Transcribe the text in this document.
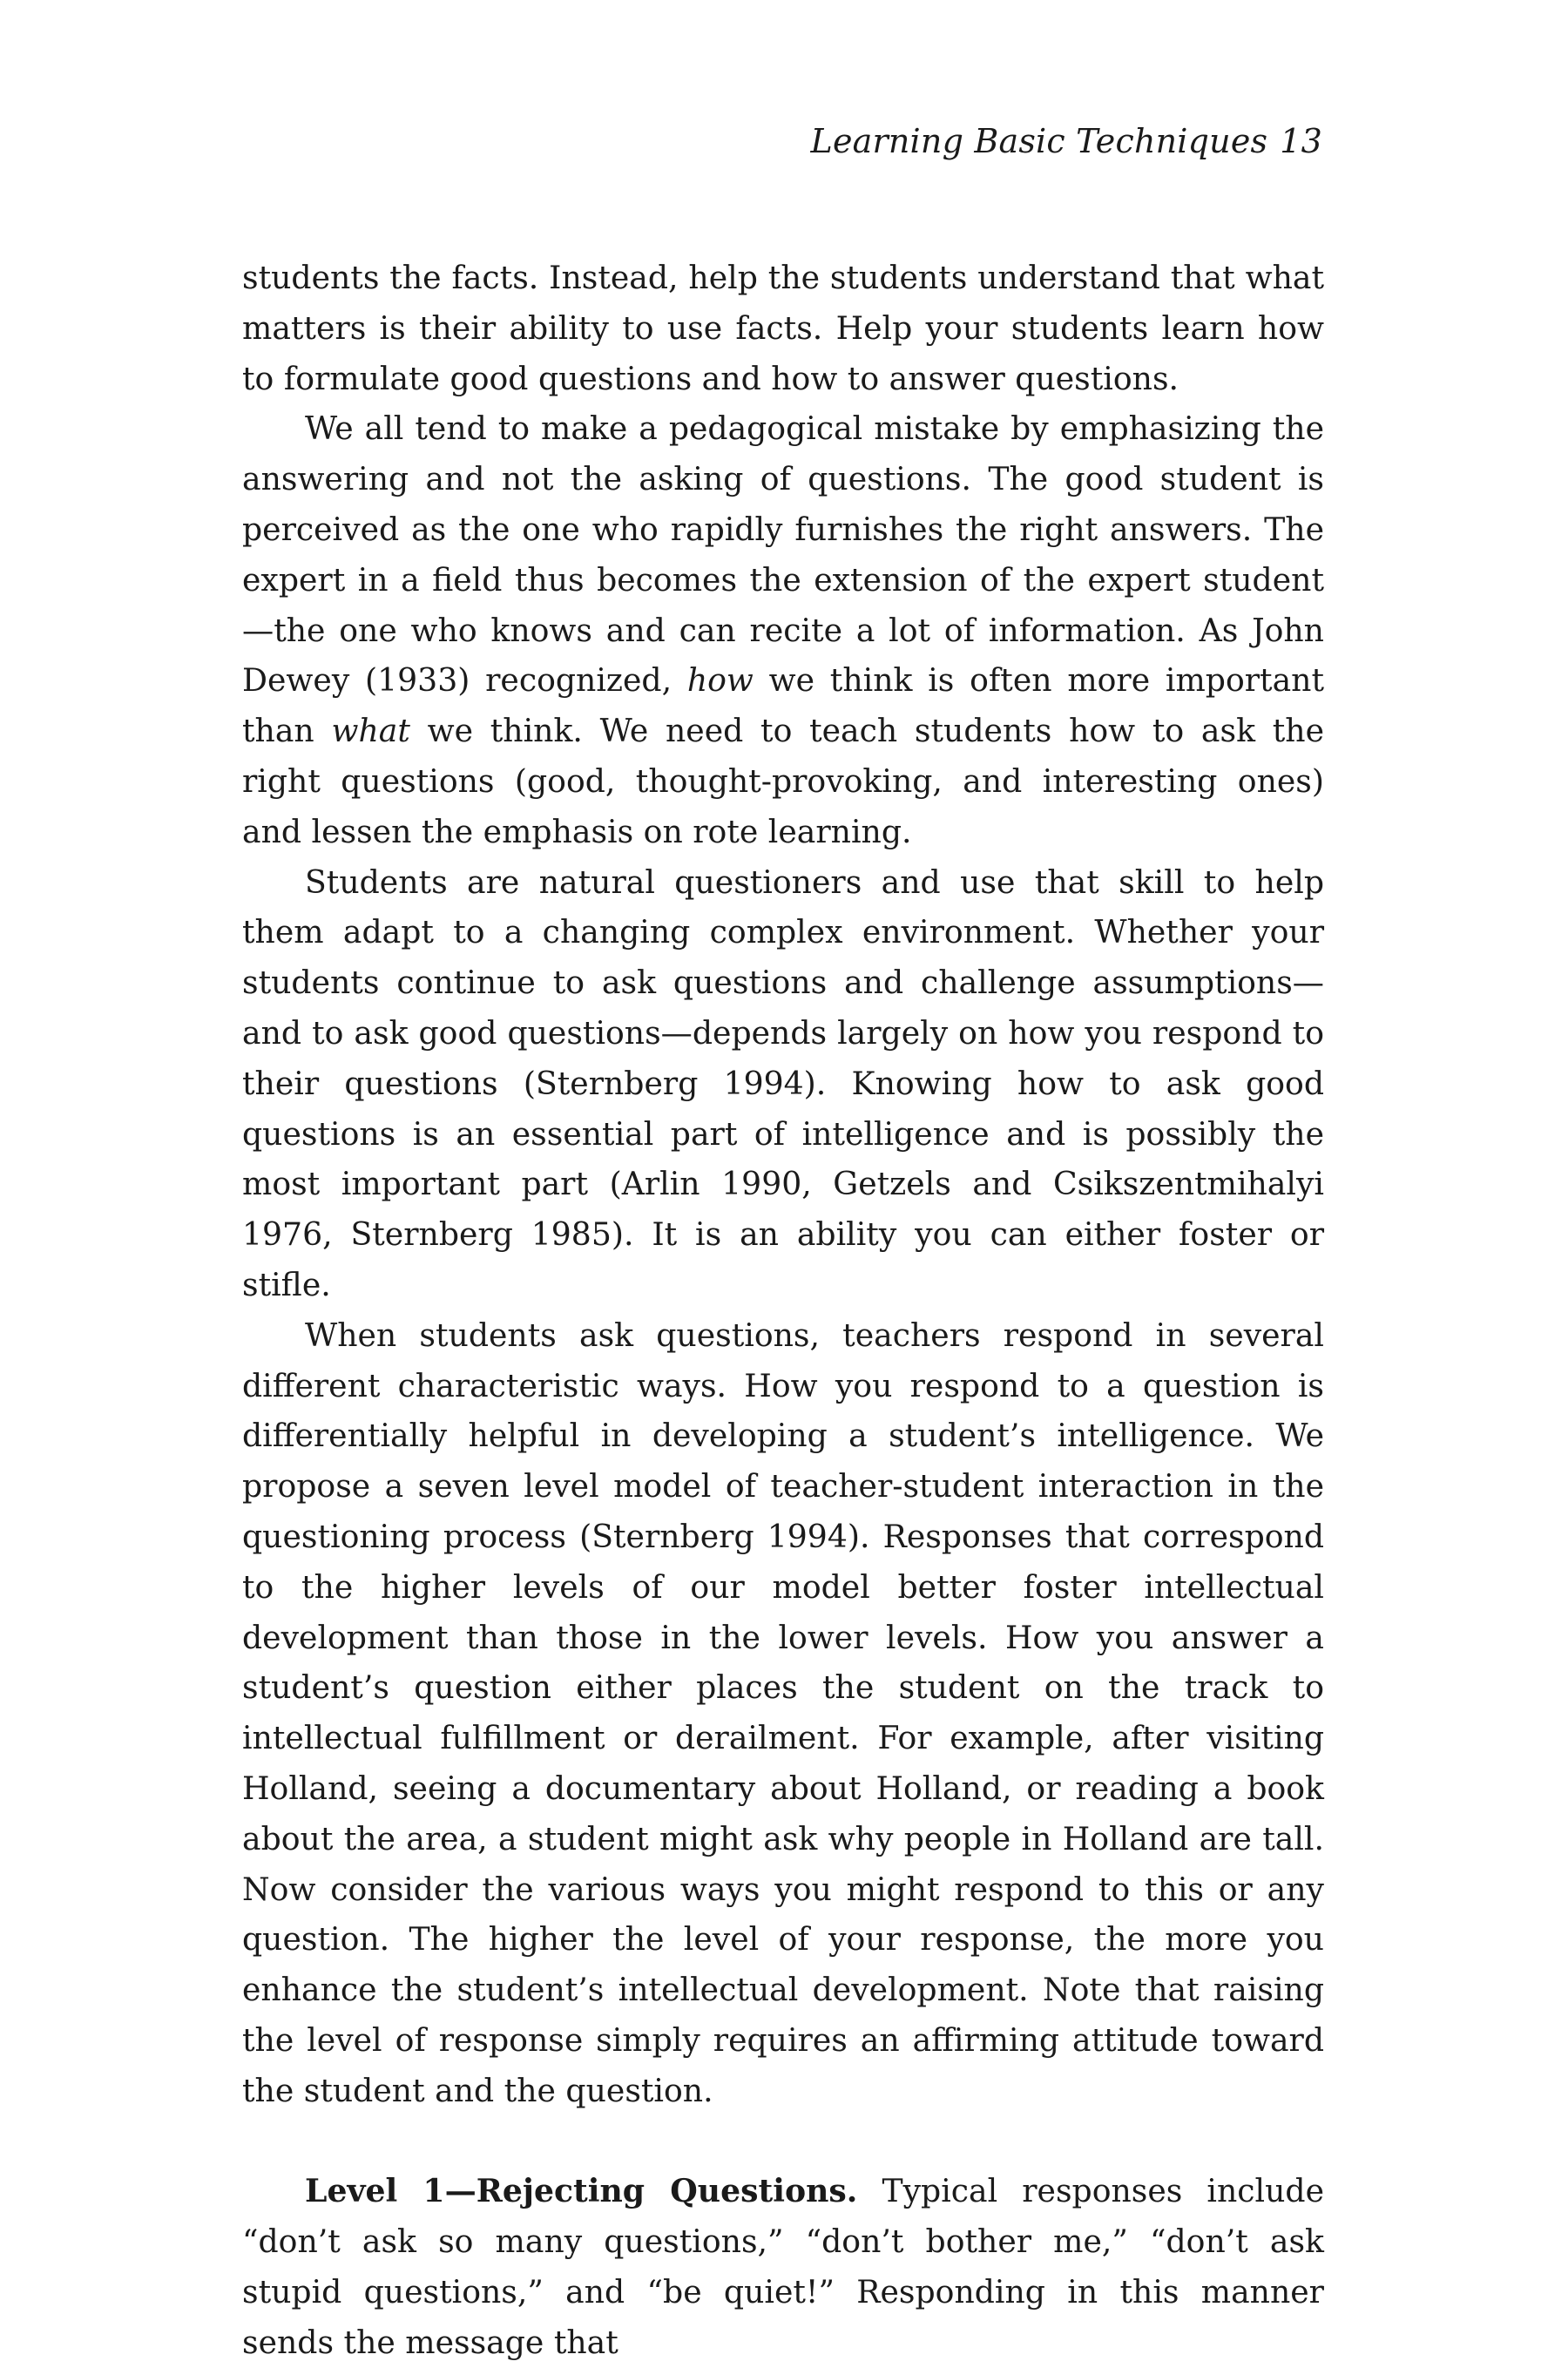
Learning Basic Techniques 13

students the facts. Instead, help the students understand that what matters is their ability to use facts. Help your students learn how to formulate good questions and how to answer questions.

We all tend to make a pedagogical mistake by emphasizing the answering and not the asking of questions. The good student is perceived as the one who rapidly furnishes the right answers. The expert in a field thus becomes the extension of the expert student—the one who knows and can recite a lot of information. As John Dewey (1933) recognized, how we think is often more important than what we think. We need to teach students how to ask the right questions (good, thought-provoking, and interesting ones) and lessen the emphasis on rote learning.

Students are natural questioners and use that skill to help them adapt to a changing complex environment. Whether your students continue to ask questions and challenge assumptions—and to ask good questions—depends largely on how you respond to their questions (Sternberg 1994). Knowing how to ask good questions is an essential part of intelligence and is possibly the most important part (Arlin 1990, Getzels and Csikszentmihalyi 1976, Sternberg 1985). It is an ability you can either foster or stifle.

When students ask questions, teachers respond in several different characteristic ways. How you respond to a question is differentially helpful in developing a student’s intelligence. We propose a seven level model of teacher-student interaction in the questioning process (Sternberg 1994). Responses that correspond to the higher levels of our model better foster intellectual development than those in the lower levels. How you answer a student’s question either places the student on the track to intellectual fulfillment or derailment. For example, after visiting Holland, seeing a documentary about Holland, or reading a book about the area, a student might ask why people in Holland are tall. Now consider the various ways you might respond to this or any question. The higher the level of your response, the more you enhance the student’s intellectual development. Note that raising the level of response simply requires an affirming attitude toward the student and the question.

Level 1—Rejecting Questions. Typical responses include “don’t ask so many questions,” “don’t bother me,” “don’t ask stupid questions,” and “be quiet!” Responding in this manner sends the message that
